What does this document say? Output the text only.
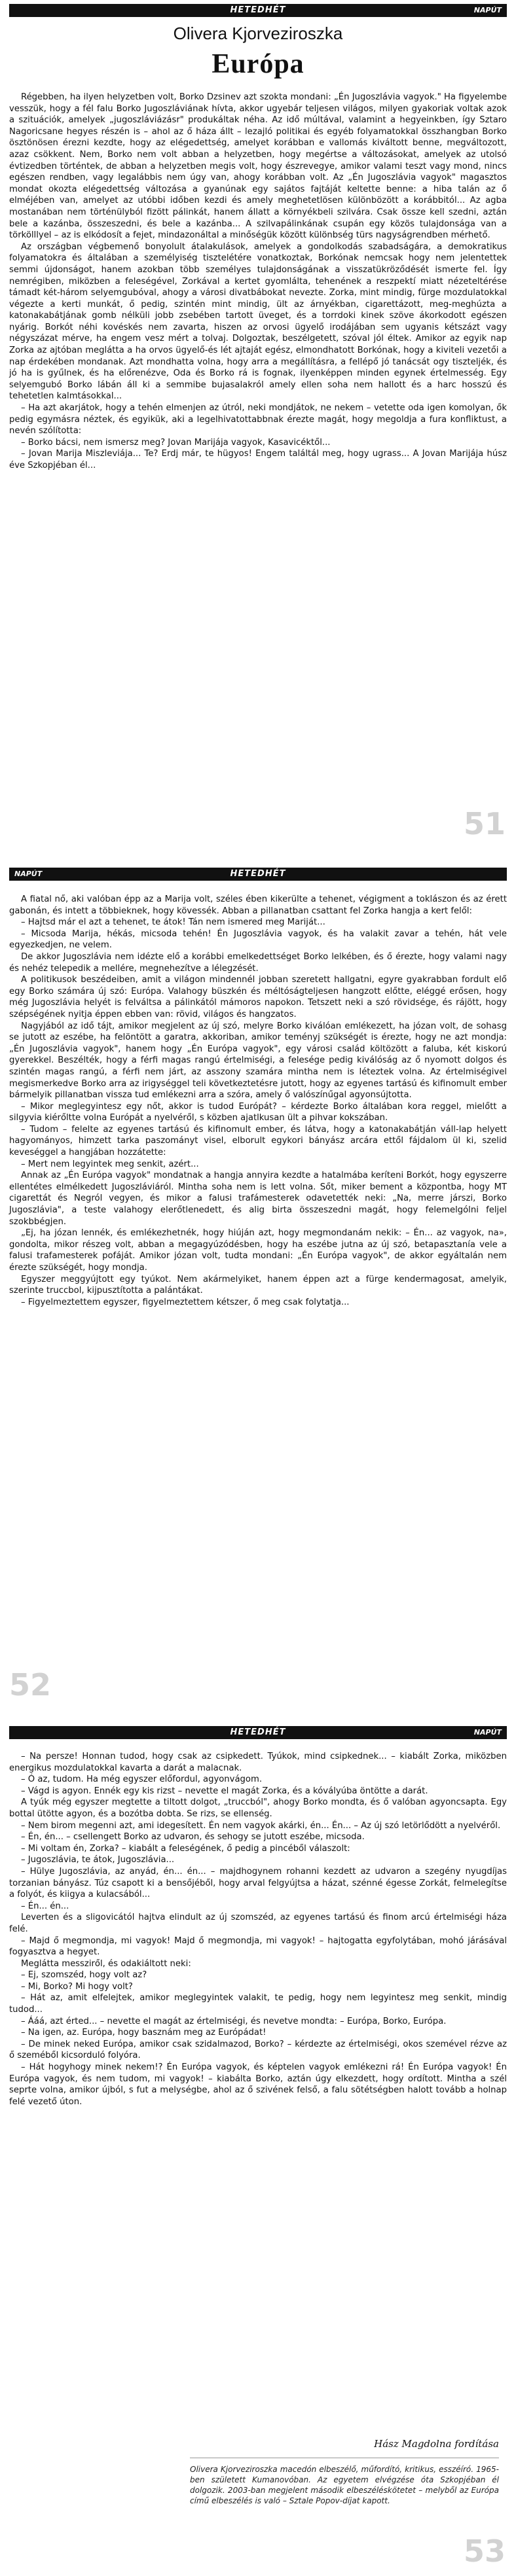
HETEDHÉT	NAPÚT
Olivera Kjorveziroszka
Európa

Régebben, ha ilyen helyzetben volt, Borko Dzsinev azt szokta mondani: „Én Jugoszlávia vagyok." Ha figyelembe vesszük, hogy a fél falu Borko Jugoszláviának hívta, akkor ugyebár teljesen világos, milyen gyakoriak voltak azok a szituációk, amelyek „jugoszláviázásr" produkáltak néha. Az idő múltával, valamint a hegyeinkben, így Sztaro Nagoricsane hegyes részén is – ahol az ő háza állt – lezajló politikai és egyéb folyamatokkal összhangban Borko ösztönösen érezni kezdte, hogy az elégedettség, amelyet korábban e vallomás kiváltott benne, megváltozott, azaz csökkent. Nem, Borko nem volt abban a helyzetben, hogy megértse a változásokat, amelyek az utolsó évtizedben történtek, de abban a helyzetben megis volt, hogy észrevegye, amikor valami teszt vagy mond, nincs egészen rendben, vagy legalábbis nem úgy van, ahogy korábban volt. Az „Én Jugoszlávia vagyok" magasztos mondat okozta elégedettség változása a gyanúnak egy sajátos fajtáját keltette benne: a hiba talán az ő elméjében van, amelyet az utóbbi időben kezdi és amely meghetetlösen különbözött a korábbitól... Az agba mostanában nem történülyból fizött pálinkát, hanem állatt a környékbeli szilvára. Csak össze kell szedni, aztán bele a kazánba, összeszedni, és bele a kazánba... A szilvapálinkának csupán egy közös tulajdonsága van a törkölllyel – az is elkódosít a fejet, mindazonáltal a minőségük között különbség türs nagyságrendben mérhető.

Az országban végbemenő bonyolult átalakulások, amelyek a gondolkodás szabadságára, a demokratikus folyamatokra és általában a személyiség tisztelétére vonatkoztak, Borkónak nemcsak hogy nem jelentettek semmi újdonságot, hanem azokban több személyes tulajdonságának a visszatükröződését ismerte fel. Így nemrégiben, miközben a feleségével, Zorkával a kertet gyomlálta, tehenének a reszpektí miatt nézeteltérése támadt két-három selyemgubóval, ahogy a városi divatbábokat nevezte. Zorka, mint mindig, fürge mozdulatokkal végezte a kerti munkát, ő pedig, szintén mint mindig, ült az árnyékban, cigarettázott, meg-meghúzta a katonakabátjának gomb nélküli jobb zsebében tartott üveget, és a torrdoki kinek szöve ákorkodott egészen nyárig. Borkót néhi kovéskés nem zavarta, hiszen az orvosi ügyelő irodájában sem ugyanis kétszázt vagy négyszázat mérve, ha engem vesz mért a tolvaj. Dolgoztak, beszélgetett, szóval jól éltek. Amikor az egyik nap Zorka az ajtóban meglátta a ha orvos ügyelő-és lét ajtaját egész, elmondhatott Borkónak, hogy a kiviteli vezetői a nap érdekében mondanak. Azt mondhatta volna, hogy arra a megállításra, a fellépő jó tanácsát ogy tiszteljék, és jó ha is gyűlnek, és ha előrenézve, Oda és Borko rá is fognak, ilyenképpen minden egynek értelmesség. Egy selyemgubó Borko lábán áll ki a semmibe bujasalakról amely ellen soha nem hallott és a harc hosszú és tehetetlen kalmtásokkal...

– Ha azt akarjátok, hogy a tehén elmenjen az útról, neki mondjátok, ne nekem – vetette oda igen komolyan, ők pedig egymásra néztek, és egyikük, aki a legelhivatottabbnak érezte magát, hogy megoldja a fura konfliktust, a nevén szólította:

– Borko bácsi, nem ismersz meg? Jovan Marijája vagyok, Kasavicéktől...

– Jovan Marija Miszleviája... Te? Erdj már, te hügyos! Engem találtál meg, hogy ugrass... A Jovan Marijája húsz éve Szkopjéban él...

51
NAPÚT	HETEDHÉT

A fiatal nő, aki valóban épp az a Marija volt, széles ében kikerülte a tehenet, végigment a toklászon és az érett gabonán, és intett a többieknek, hogy kövessék. Abban a pillanatban csattant fel Zorka hangja a kert felől:

– Hajtsd már el azt a tehenet, te átok! Tán nem ismered meg Mariját...

– Micsoda Marija, hékás, micsoda tehén! Én Jugoszlávia vagyok, és ha valakit zavar a tehén, hát vele egyezkedjen, ne velem.

De akkor Jugoszlávia nem idézte elő a korábbi emelkedettséget Borko lelkében, és ő érezte, hogy valami nagy és nehéz telepedik a mellére, megnehezítve a lélegzését.

A politikusok beszédeiben, amit a világon mindennél jobban szeretett hallgatni, egyre gyakrabban fordult elő egy Borko számára új szó: Európa. Valahogy büszkén és méltóságteljesen hangzott előtte, eléggé erősen, hogy még Jugoszlávia helyét is felváltsa a pálinkától mámoros napokon. Tetszett neki a szó rövidsége, és rájött, hogy szépségének nyitja éppen ebben van: rövid, világos és hangzatos.

Nagyjából az idő tájt, amikor megjelent az új szó, melyre Borko kiválóan emlékezett, ha józan volt, de sohasg se jutott az eszébe, ha felöntött a garatra, akkoriban, amikor teményj szükségét is érezte, hogy ne azt mondja: „Én Jugoszlávia vagyok", hanem hogy „Én Európa vagyok", egy városi család költözött a faluba, két kiskorú gyerekkel. Beszélték, hogy a férfi magas rangú értelmiségi, a felesége pedig kiválóság az ő nyomott dolgos és szintén magas rangú, a férfi nem járt, az asszony szamára mintha nem is léteztek volna. Az értelmiségivel megismerkedve Borko arra az irigységgel teli következtetésre jutott, hogy az egyenes tartású és kifinomult ember bármelyik pillanatban vissza tud emlékezni arra a szóra, amely ő valószínűgal agyonsújtotta.

– Mikor meglegyintesz egy nőt, akkor is tudod Európát? – kérdezte Borko általában kora reggel, mielőtt a silgyvia kiérőltte volna Európát a nyelvéről, s közben ajatlkusan ült a pihvar kokszában.

– Tudom – felelte az egyenes tartású és kifinomult ember, és látva, hogy a katonakabátján váll-lap helyett hagyományos, himzett tarka paszományt visel, elborult egykori bányász arcára ettől fájdalom ül ki, szelid keveséggel a hangjában hozzátette:

– Mert nem legyintek meg senkit, azért...

Annak az „Én Európa vagyok" mondatnak a hangja annyira kezdte a hatalmába keríteni Borkót, hogy egyszerre ellentétes elmélkedett Jugoszláviáról. Mintha soha nem is lett volna. Sőt, miker bement a központba, hogy MT cigarettát és Negról vegyen, és mikor a falusi trafámesterek odavetették neki: „Na, merre járszi, Borko Jugoszlávia", a teste valahogy elerőtlenedett, és alig birta összeszedni magát, hogy felemelgólni feljel szokbbégjen.

„Ej, ha józan lennék, és emlékezhetnék, hogy hiúján azt, hogy megmondanám nekik: – Én... az vagyok, na», gondolta, mikor részeg volt, abban a megagyúzódésben, hogy ha eszébe jutna az új szó, betapasztanía vele a falusi trafamesterek pofáját. Amikor józan volt, tudta mondani: „Én Európa vagyok", de akkor egyáltalán nem érezte szükségét, hogy mondja.

Egyszer meggyújtott egy tyúkot. Nem akármelyiket, hanem éppen azt a fürge kendermagosat, amelyik, szerinte truccbol, kijpusztította a palántákat.

– Figyelmeztettem egyszer, figyelmeztettem kétszer, ő meg csak folytatja...

52
HETEDHÉT	NAPÚT

– Na persze! Honnan tudod, hogy csak az csipkedett. Tyúkok, mind csipkednek... – kiabált Zorka, miközben energikus mozdulatokkal kavarta a darát a malacnak.

– Ó az, tudom. Ha még egyszer előfordul, agyonvágom.

– Vágd is agyon. Ennék egy kis rizst – nevette el magát Zorka, és a kóvályúba öntötte a darát.

A tyúk még egyszer megtette a tiltott dolgot, „trucсból", ahogy Borko mondta, és ő valóban agyoncsapta. Egy bottal ütötte agyon, és a bozótba dobta. Se rizs, se ellenség.

– Nem birom megenni azt, ami idegesített. Én nem vagyok akárki, én... Én... – Az új szó letörlődött a nyelvéről.

– Én, én... – csellengett Borko az udvaron, és sehogy se jutott eszébe, micsoda.

– Mi voltam én, Zorka? – kiabált a feleségének, ő pedig a pincéből válaszolt:

– Jugoszlávia, te átok, Jugoszlávia...

– Hülye Jugoszlávia, az anyád, én... én... – majdhogynem rohanni kezdett az udvaron a szegény nyugdíjas torzanian bányász. Túz csapott ki a bensőjéből, hogy arval felgyújtsa a házat, szénné égesse Zorkát, felmelegítse a folyót, és kiigya a kulacsából...

– Én... én...

Leverten és a sligovicától hajtva elindult az új szomszéd, az egyenes tartású és finom arcú értelmiségi háza felé.

– Majd ő megmondja, mi vagyok! Majd ő megmondja, mi vagyok! – hajtogatta egyfolytában, mohó járásával fogyasztva a hegyet.

Meglátta messziről, és odakiáltott neki:

– Ej, szomszéd, hogy volt az?

– Mi, Borko? Mi hogy volt?

– Hát az, amit elfelejtek, amikor meglegyintek valakit, te pedig, hogy nem legyintesz meg senkit, mindig tudod...

– Ááá, azt érted... – nevette el magát az értelmiségi, és nevetve mondta: – Európa, Borko, Európa.

– Na igen, az. Európa, hogy basznám meg az Európádat!

– De minek neked Európa, amikor csak szidalmazod, Borko? – kérdezte az értelmiségi, okos szemével rézve az ő szeméből kicsorduló folyóra.

– Hát hogyhogy minek nekem!? Én Európa vagyok, és képtelen vagyok emlékezni rá! Én Európa vagyok! Én Európa vagyok, és nem tudom, mi vagyok! – kiabálta Borko, aztán úgy elkezdett, hogy ordított. Mintha a szél seprte volna, amikor újból, s fut a melységbe, ahol az ő szivének felső, a falu sötétségben halott tovább a holnap felé vezető úton.

Hász Magdolna fordítása
Olivera Kjorveziroszka macedón elbeszélő, műfordító, kritikus, esszéíró. 1965-ben született Kumanovóban. Az egyetem elvégzése óta Szkopjéban él dolgozik. 2003-ban megjelent második elbeszéléskötetet – melyből az Európa című elbeszélés is való – Sztale Popov-díjat kapott.
53
